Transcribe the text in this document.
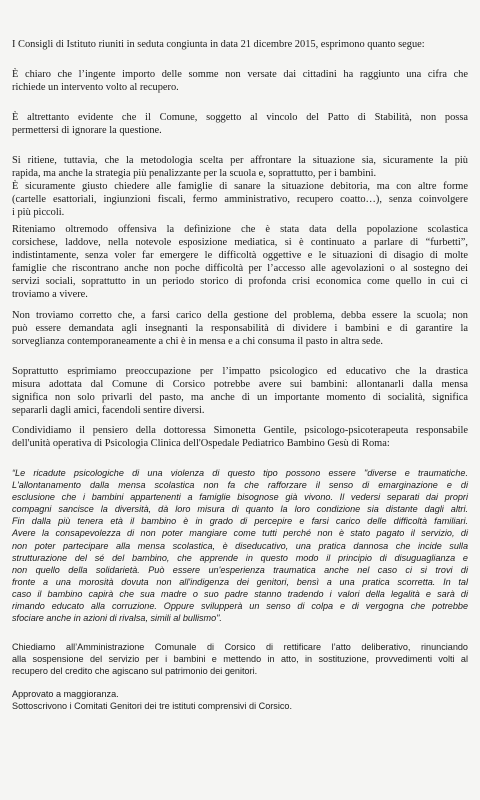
I Consigli di Istituto riuniti in seduta congiunta in data 21 dicembre 2015, esprimono quanto segue:

È chiaro che l’ingente importo delle somme non versate dai cittadini ha raggiunto una cifra che
richiede un intervento volto al recupero.

È altrettanto evidente che il Comune, soggetto al vincolo del Patto di Stabilità, non possa
permettersi di ignorare la questione.

Si ritiene, tuttavia, che la metodologia scelta per affrontare la situazione sia, sicuramente la più
rapida, ma anche la strategia più penalizzante per la scuola e, soprattutto, per i bambini.
È sicuramente giusto chiedere alle famiglie di sanare la situazione debitoria, ma con altre forme
(cartelle esattoriali, ingiunzioni fiscali, fermo amministrativo, recupero coatto…), senza coinvolgere
i più piccoli.

Riteniamo oltremodo offensiva la definizione che è stata data della popolazione scolastica
corsichese, laddove, nella notevole esposizione mediatica, si è continuato a parlare di “furbetti”,
indistintamente, senza voler far emergere le difficoltà oggettive e le situazioni di disagio di molte
famiglie che riscontrano anche non poche difficoltà per l’accesso alle agevolazioni o al sostegno dei
servizi sociali, soprattutto in un periodo storico di profonda crisi economica come quello in cui ci
troviamo a vivere.

Non troviamo corretto che, a farsi carico della gestione del problema, debba essere la scuola; non
può essere demandata agli insegnanti la responsabilità di dividere i bambini e di garantire la
sorveglianza contemporaneamente a chi è in mensa e a chi consuma il pasto in altra sede.

Soprattutto esprimiamo preoccupazione per l’impatto psicologico ed educativo che la drastica
misura adottata dal Comune di Corsico potrebbe avere sui bambini: allontanarli dalla mensa
significa non solo privarli del pasto, ma anche di un importante momento di socialità, significa
separarli dagli amici, facendoli sentire diversi.

Condividiamo il pensiero della dottoressa Simonetta Gentile, psicologo-psicoterapeuta responsabile
dell'unità operativa di Psicologia Clinica dell'Ospedale Pediatrico Bambino Gesù di Roma:

“Le ricadute psicologiche di una violenza di questo tipo possono essere "diverse e traumatiche.
L'allontanamento dalla mensa scolastica non fa che rafforzare il senso di emarginazione e di
esclusione che i bambini appartenenti a famiglie bisognose già vivono. Il vedersi separati dai propri
compagni sancisce la diversità, dà loro misura di quanto la loro condizione sia distante dagli altri.
Fin dalla più tenera età il bambino è in grado di percepire e farsi carico delle difficoltà familiari.
Avere la consapevolezza di non poter mangiare come tutti perché non è stato pagato il servizio, di
non poter partecipare alla mensa scolastica, è diseducativo, una pratica dannosa che incide sulla
strutturazione del sé del bambino, che apprende in questo modo il principio di disuguaglianza e
non quello della solidarietà. Può essere un'esperienza traumatica anche nel caso ci si trovi di
fronte a una morosità dovuta non all'indigenza dei genitori, bensì a una pratica scorretta. In tal
caso il bambino capirà che sua madre o suo padre stanno tradendo i valori della legalità e sarà di
rimando educato alla corruzione. Oppure svilupperà un senso di colpa e di vergogna che potrebbe
sfociare anche in azioni di rivalsa, simili al bullismo".

Chiediamo all’Amministrazione Comunale di Corsico di rettificare l’atto deliberativo, rinunciando
alla sospensione del servizio per i bambini e mettendo in atto, in sostituzione, provvedimenti volti al
recupero del credito che agiscano sul patrimonio dei genitori.

Approvato a maggioranza.

Sottoscrivono i Comitati Genitori dei tre istituti comprensivi di Corsico.
